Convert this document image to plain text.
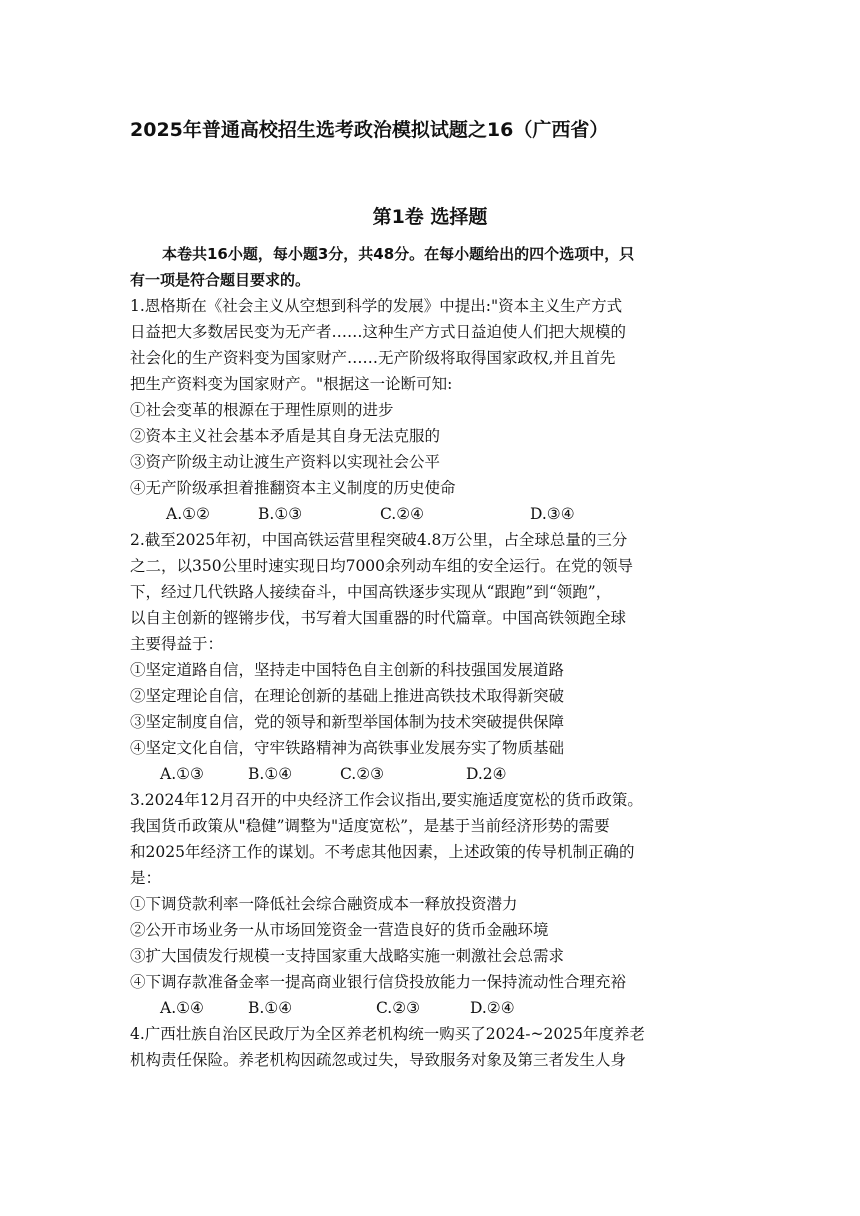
2025年普通高校招生选考政治模拟试题之16（广西省）
第1卷 选择题
本卷共16小题，每小题3分，共48分。在每小题给出的四个选项中，只
有一项是符合题目要求的。
1.恩格斯在《社会主义从空想到科学的发展》中提出:"资本主义生产方式
日益把大多数居民变为无产者……这种生产方式日益迫使人们把大规模的
社会化的生产资料变为国家财产……无产阶级将取得国家政权,并且首先
把生产资料变为国家财产。"根据这一论断可知:
①社会变革的根源在于理性原则的进步
②资本主义社会基本矛盾是其自身无法克服的
③资产阶级主动让渡生产资料以实现社会公平
④无产阶级承担着推翻资本主义制度的历史使命
A.①②	B.①③	C.②④	D.③④
2.截至2025年初，中国高铁运营里程突破4.8万公里，占全球总量的三分
之二，以350公里时速实现日均7000余列动车组的安全运行。在党的领导
下，经过几代铁路人接续奋斗，中国高铁逐步实现从“跟跑”到“领跑”，
以自主创新的铿锵步伐，书写着大国重器的时代篇章。中国高铁领跑全球
主要得益于：
①坚定道路自信，坚持走中国特色自主创新的科技强国发展道路
②坚定理论自信，在理论创新的基础上推进高铁技术取得新突破
③坚定制度自信，党的领导和新型举国体制为技术突破提供保障
④坚定文化自信，守牢铁路精神为高铁事业发展夯实了物质基础
A.①③	B.①④	C.②③	D.2④
3.2024年12月召开的中央经济工作会议指出,要实施适度宽松的货币政策。
我国货币政策从"稳健”调整为"适度宽松”，是基于当前经济形势的需要
和2025年经济工作的谋划。不考虑其他因素，上述政策的传导机制正确的
是：
①下调贷款利率一降低社会综合融资成本一释放投资潜力
②公开市场业务一从市场回笼资金一营造良好的货币金融环境
③扩大国债发行规模一支持国家重大战略实施一刺激社会总需求
④下调存款准备金率一提高商业银行信贷投放能力一保持流动性合理充裕
A.①④	B.①④	C.②③	D.②④
4.广西壮族自治区民政厅为全区养老机构统一购买了2024-~2025年度养老
机构责任保险。养老机构因疏忽或过失，导致服务对象及第三者发生人身
